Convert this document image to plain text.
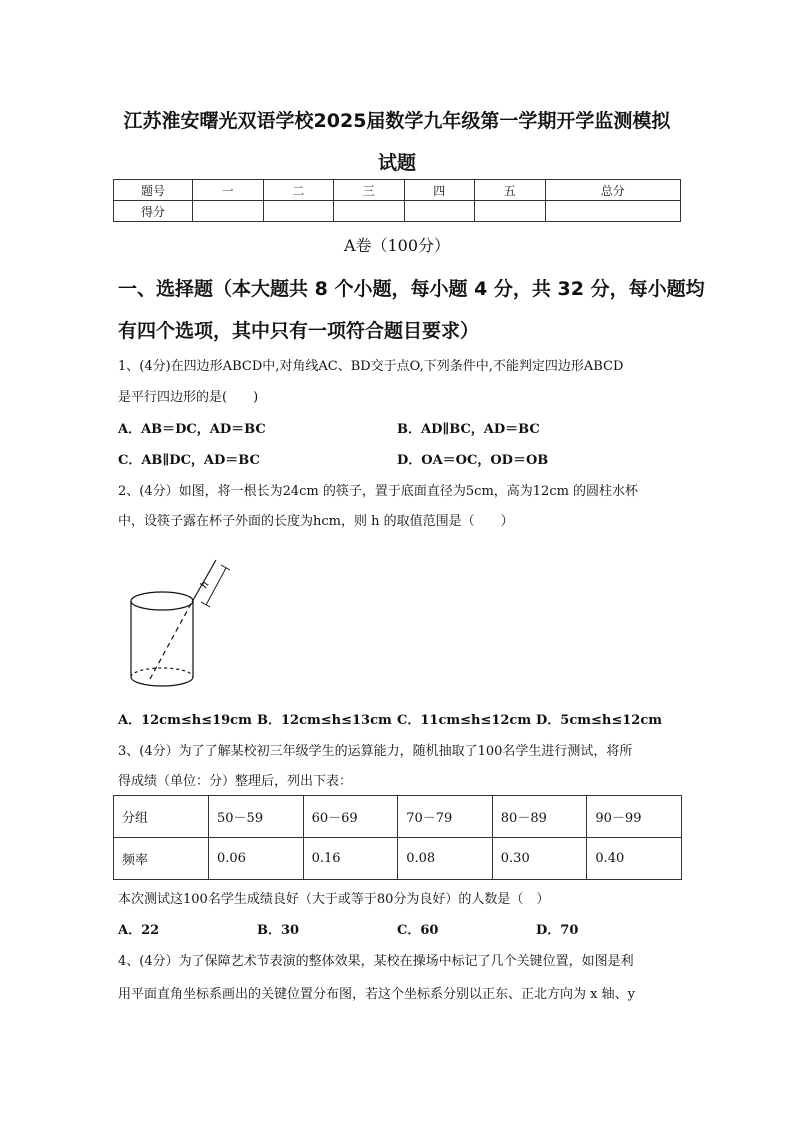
江苏淮安曙光双语学校2025届数学九年级第一学期开学监测模拟
试题
题号	一	二	三	四	五	总分
得分						
A卷（100分）
一、选择题（本大题共 8 个小题，每小题 4 分，共 32 分，每小题均
有四个选项，其中只有一项符合题目要求）
1、(4分)在四边形ABCD中,对角线AC、BD交于点O,下列条件中,不能判定四边形ABCD
是平行四边形的是(　　)
A．AB＝DC，AD＝BC	B．AD∥BC，AD＝BC
C．AB∥DC，AD＝BC	D．OA＝OC，OD＝OB
2、(4分）如图，将一根长为24cm 的筷子，置于底面直径为5cm，高为12cm 的圆柱水杯
中，设筷子露在杯子外面的长度为hcm，则 h 的取值范围是（　　）
h
A．12cm≤h≤19cm B．12cm≤h≤13cm C．11cm≤h≤12cm D．5cm≤h≤12cm
3、(4分）为了了解某校初三年级学生的运算能力，随机抽取了100名学生进行测试，将所
得成绩（单位：分）整理后，列出下表：
分组	50－59	60－69	70－79	80－89	90－99
频率	0.06	0.16	0.08	0.30	0.40
本次测试这100名学生成绩良好（大于或等于80分为良好）的人数是（　）
A．22	B．30	C．60	D．70
4、(4分）为了保障艺术节表演的整体效果，某校在操场中标记了几个关键位置，如图是利
用平面直角坐标系画出的关键位置分布图，若这个坐标系分别以正东、正北方向为 x 轴、y
